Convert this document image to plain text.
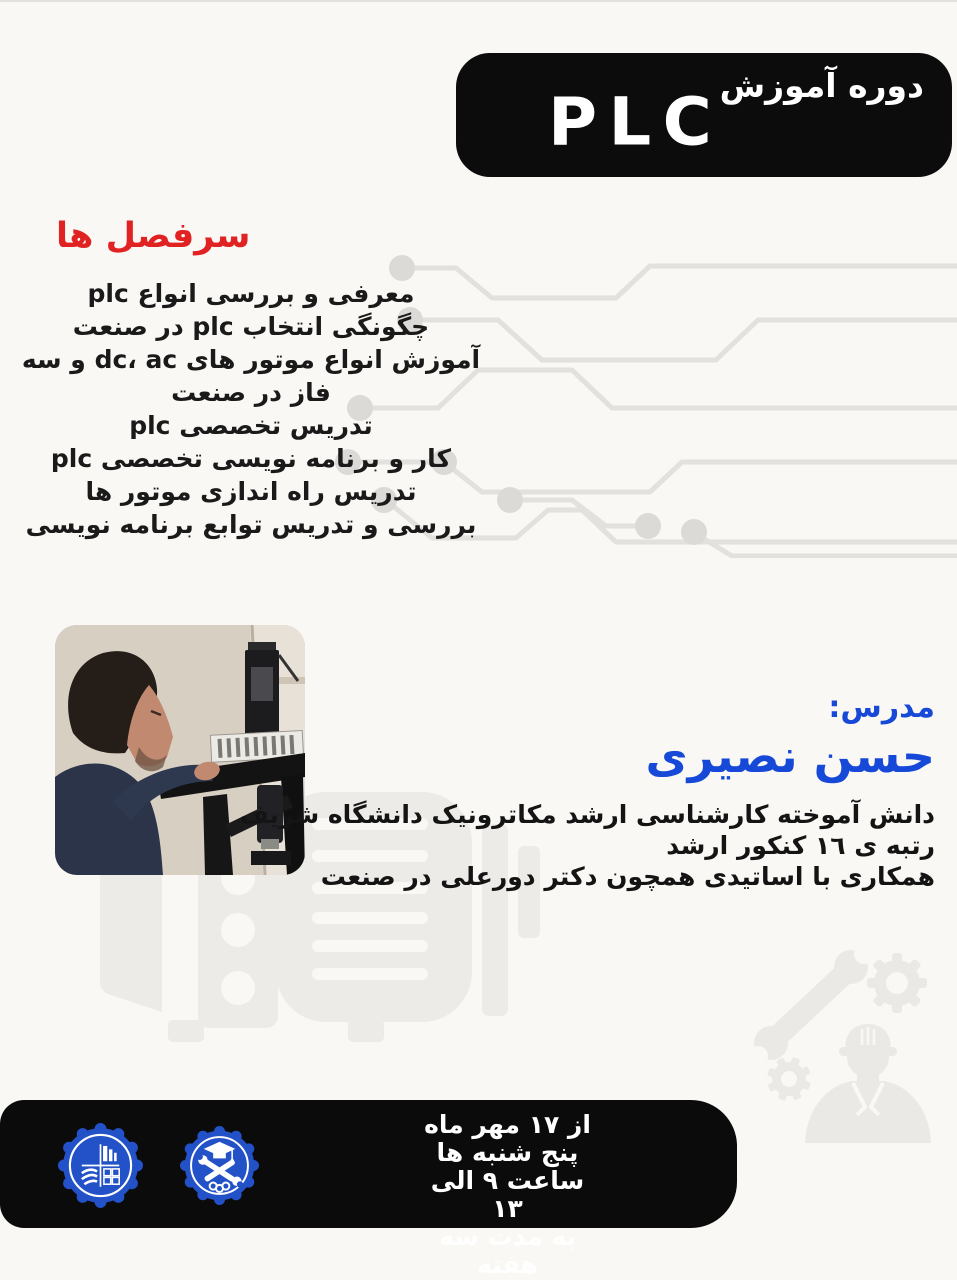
دوره آموزش
PLC
سرفصل ها
معرفی و بررسی انواع plc
چگونگی انتخاب plc در صنعت
آموزش انواع موتور های dc، ac و سه فاز در صنعت
تدریس تخصصی plc
کار و برنامه نویسی تخصصی plc
تدریس راه اندازی موتور ها
بررسی و تدریس توابع برنامه نویسی
مدرس:
حسن نصیری
دانش آموخته کارشناسی ارشد مکاترونیک دانشگاه شریف
رتبه ی ١٦ کنکور ارشد
همکاری با اساتیدی همچون دکتر دورعلی در صنعت
از ۱۷ مهر ماه
پنج شنبه ها
ساعت ۹ الی ۱۳
به مدت سه هفته
